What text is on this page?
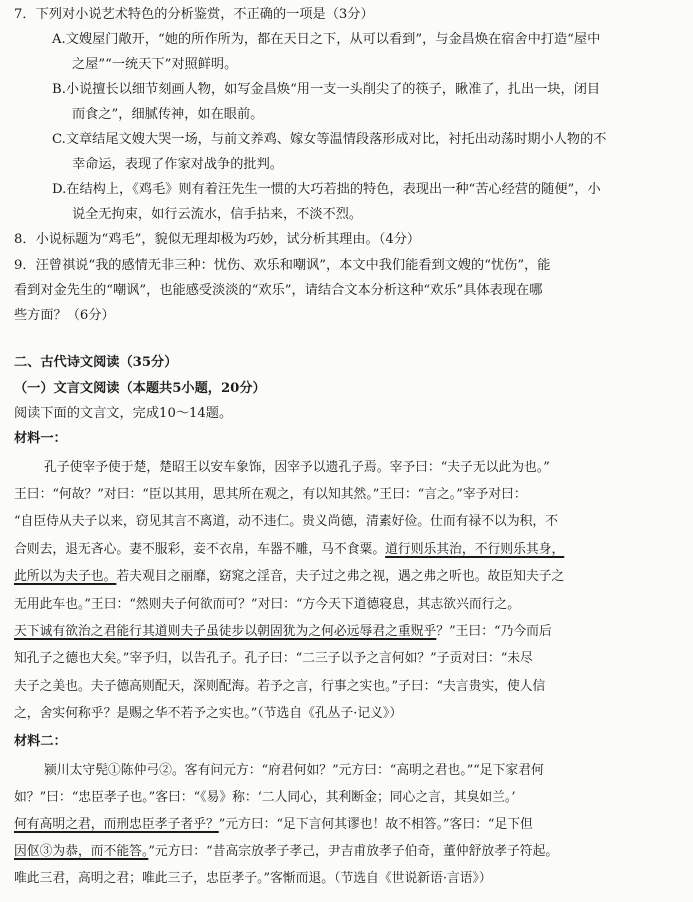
7．下列对小说艺术特色的分析鉴赏，不正确的一项是（3分）
A.文嫂屋门敞开，“她的所作所为，都在天日之下，从可以看到”，与金昌焕在宿舍中打造“屋中
之屋”“一统天下”对照鲜明。
B.小说擅长以细节刻画人物，如写金昌焕“用一支一头削尖了的筷子，瞅准了，扎出一块，闭目
而食之”，细腻传神，如在眼前。
C.文章结尾文嫂大哭一场，与前文养鸡、嫁女等温情段落形成对比，衬托出动荡时期小人物的不
幸命运，表现了作家对战争的批判。
D.在结构上，《鸡毛》则有着汪先生一惯的大巧若拙的特色，表现出一种“苦心经营的随便”，小
说全无拘束，如行云流水，信手拈来，不淡不烈。
8．小说标题为“鸡毛”，貌似无理却极为巧妙，试分析其理由。（4分）
9．汪曾祺说“我的感情无非三种：忧伤、欢乐和嘲讽”，本文中我们能看到文嫂的“忧伤”，能
看到对金先生的“嘲讽”，也能感受淡淡的“欢乐”，请结合文本分析这种“欢乐”具体表现在哪
些方面？（6分）
二、古代诗文阅读（35分）
（一）文言文阅读（本题共5小题，20分）
阅读下面的文言文，完成10～14题。
材料一：
孔子使宰予使于楚，楚昭王以安车象饰，因宰予以遗孔子焉。宰予曰：“夫子无以此为也。”
王曰：“何故？”对曰：“臣以其用，思其所在观之，有以知其然。”王曰：“言之。”宰予对曰：
“自臣侍从夫子以来，窃见其言不离道，动不违仁。贵义尚德，清素好俭。仕而有禄不以为积，不
合则去，退无吝心。妻不服彩，妾不衣帛，车器不雕，马不食粟。道行则乐其治，不行则乐其身，
此所以为夫子也。若夫观目之丽靡，窈窕之淫音，夫子过之弗之视，遇之弗之听也。故臣知夫子之
无用此车也。”王曰：“然则夫子何欲而可？”对曰：“方今天下道德寝息，其志欲兴而行之。
天下诚有欲治之君能行其道则夫子虽徒步以朝固犹为之何必远辱君之重贶乎？”王曰：“乃今而后
知孔子之德也大矣。”宰予归，以告孔子。孔子曰：“二三子以予之言何如？”子贡对曰：“未尽
夫子之美也。夫子德高则配天，深则配海。若予之言，行事之实也。”子曰：“夫言贵实，使人信
之，舍实何称乎？是赐之华不若予之实也。”（节选自《孔丛子·记义》）
材料二：
颍川太守髡①陈仲弓②。客有问元方：“府君何如？”元方曰：“高明之君也。”“足下家君何
如？”曰：“忠臣孝子也。”客曰：“《易》称：‘二人同心，其利断金；同心之言，其臭如兰。’
何有高明之君，而刑忠臣孝子者乎？”元方曰：“足下言何其谬也！故不相答。”客曰：“足下但
因伛③为恭，而不能答。”元方曰：“昔高宗放孝子孝己，尹吉甫放孝子伯奇，董仲舒放孝子符起。
唯此三君，高明之君；唯此三子，忠臣孝子。”客惭而退。（节选自《世说新语·言语》）
